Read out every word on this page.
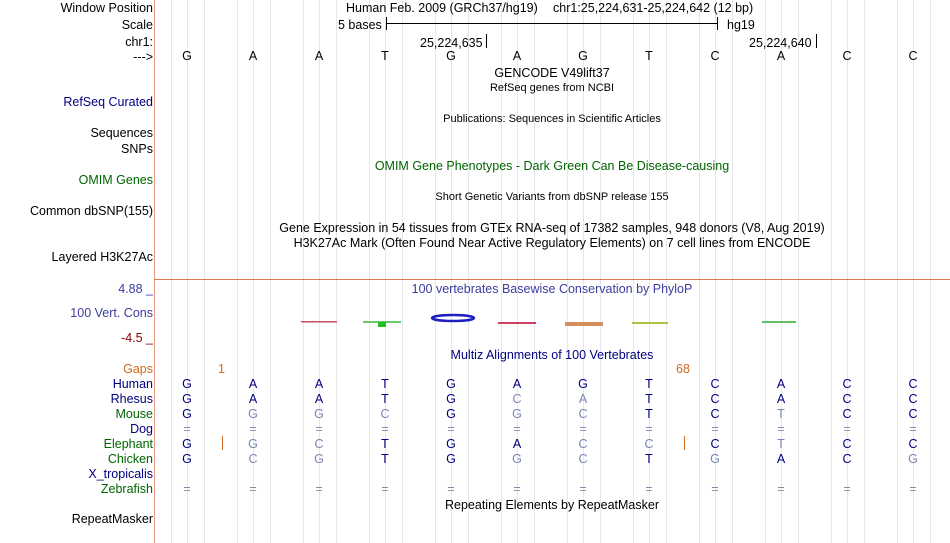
Window Position
Scale
chr1:
--->
RefSeq Curated
Sequences
SNPs
OMIM Genes
Common dbSNP(155)
Layered H3K27Ac
4.88 _
100 Vert. Cons
-4.5 _
RepeatMasker
Human Feb. 2009 (GRCh37/hg19) chr1:25,224,631-25,224,642 (12 bp)
5 bases	hg19
25,224,635	25,224,640
G	A	A	T	G	A	G	T	C	A	C	C
GENCODE V49lift37
RefSeq genes from NCBI
Publications: Sequences in Scientific Articles
OMIM Gene Phenotypes - Dark Green Can Be Disease-causing
Short Genetic Variants from dbSNP release 155
Gene Expression in 54 tissues from GTEx RNA-seq of 17382 samples, 948 donors (V8, Aug 2019)
H3K27Ac Mark (Often Found Near Active Regulatory Elements) on 7 cell lines from ENCODE
100 vertebrates Basewise Conservation by PhyloP
Multiz Alignments of 100 Vertebrates
Gaps	1	68
Human	G	A	A	T	G	A	G	T	C	A	C	C
Rhesus	G	A	A	T	G	C	A	T	C	A	C	C
Mouse	G	G	G	C	G	G	C	T	C	T	C	C
Dog	=	=	=	=	=	=	=	=	=	=	=	=
Elephant	G	G	C	T	G	A	C	C	C	T	C	C
Chicken	G	C	G	T	G	G	C	T	G	A	C	G
X_tropicalis
Zebrafish	=	=	=	=	=	=	=	=	=	=	=	=
Repeating Elements by RepeatMasker
